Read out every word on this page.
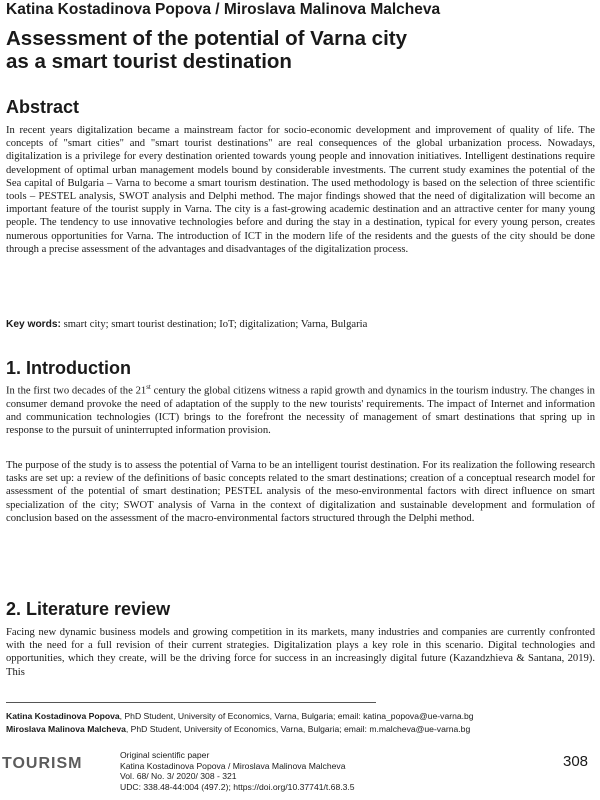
Katina Kostadinova Popova / Miroslava Malinova Malcheva
Assessment of the potential of Varna city
as a smart tourist destination
Abstract

In recent years digitalization became a mainstream factor for socio-economic development and improvement of quality of life. The concepts of "smart cities" and "smart tourist destinations" are real consequences of the global urbanization process. Nowadays, digitalization is a privilege for every destination oriented towards young people and innovation initiatives. Intelligent destinations require development of optimal urban management models bound by considerable investments. The current study examines the potential of the Sea capital of Bulgaria – Varna to become a smart tourism destination. The used methodology is based on the selection of three scientific tools – PESTEL analysis, SWOT analysis and Delphi method. The major findings showed that the need of digitalization will become an important feature of the tourist supply in Varna. The city is a fast-growing academic destination and an attractive center for many young people. The tendency to use innovative technologies before and during the stay in a destination, typical for every young person, creates numerous opportunities for Varna. The introduction of ICT in the modern life of the residents and the guests of the city should be done through a precise assessment of the advantages and disadvantages of the digitalization process.

Key words: smart city; smart tourist destination; IoT; digitalization; Varna, Bulgaria
1. Introduction

In the first two decades of the 21st century the global citizens witness a rapid growth and dynamics in the tourism industry. The changes in consumer demand provoke the need of adaptation of the supply to the new tourists' requirements. The impact of Internet and information and communication technologies (ICT) brings to the forefront the necessity of management of smart destinations that spring up in response to the pursuit of uninterrupted information provision.

The purpose of the study is to assess the potential of Varna to be an intelligent tourist destination. For its realization the following research tasks are set up: a review of the definitions of basic concepts related to the smart destinations; creation of a conceptual research model for assessment of the potential of smart destination; PESTEL analysis of the meso-environmental factors with direct influence on smart specialization of the city; SWOT analysis of Varna in the context of digitalization and sustainable development and formulation of conclusion based on the assessment of the macro-environmental factors structured through the Delphi method.

2. Literature review

Facing new dynamic business models and growing competition in its markets, many industries and companies are currently confronted with the need for a full revision of their current strategies. Digitalization plays a key role in this scenario. Digital technologies and opportunities, which they create, will be the driving force for success in an increasingly digital future (Kazandzhieva & Santana, 2019). This

Katina Kostadinova Popova, PhD Student, University of Economics, Varna, Bulgaria; email: katina_popova@ue-varna.bg
Miroslava Malinova Malcheva, PhD Student, University of Economics, Varna, Bulgaria; email: m.malcheva@ue-varna.bg
TOURISM	Original scientific paper
Katina Kostadinova Popova / Miroslava Malinova Malcheva
Vol. 68/ No. 3/ 2020/ 308 - 321
UDC: 338.48-44:004 (497.2); https://doi.org/10.37741/t.68.3.5
308
